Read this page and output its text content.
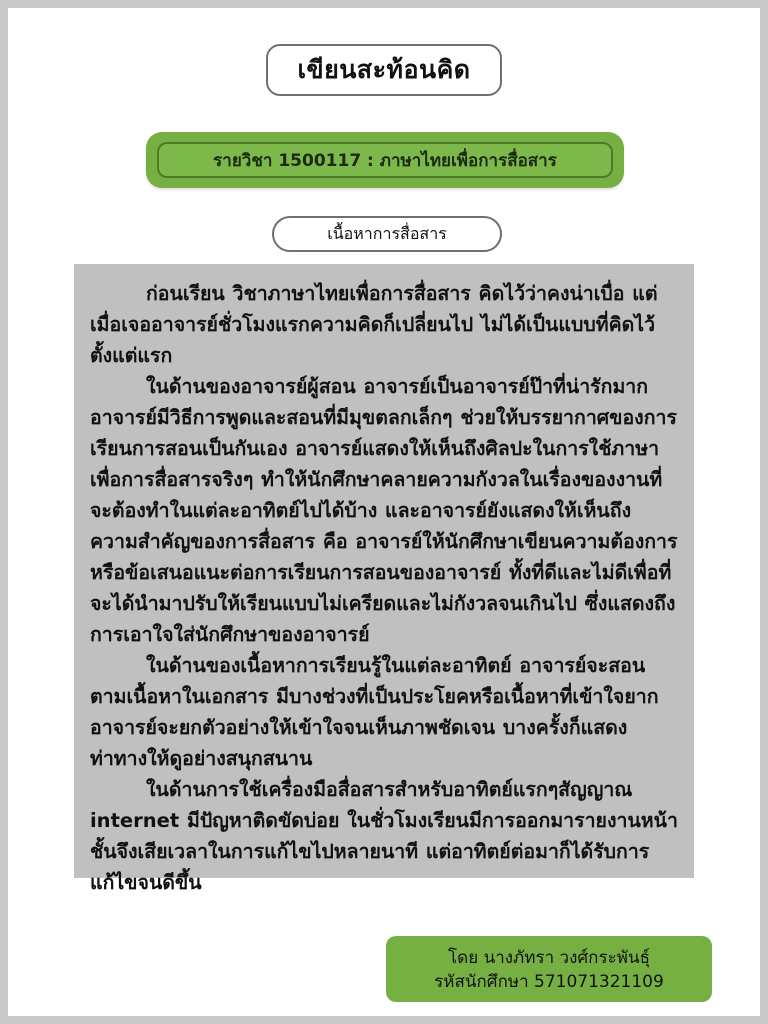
เขียนสะท้อนคิด
รายวิชา 1500117 : ภาษาไทยเพื่อการสื่อสาร
เนื้อหาการสื่อสาร

ก่อนเรียน วิชาภาษาไทยเพื่อการสื่อสาร คิดไว้ว่าคงน่าเบื่อ แต่เมื่อเจออาจารย์ชั่วโมงแรกความคิดก็เปลี่ยนไป ไม่ได้เป็นแบบที่คิดไว้ตั้งแต่แรก

ในด้านของอาจารย์ผู้สอน อาจารย์เป็นอาจารย์ป๊าที่น่ารักมาก อาจารย์มีวิธีการพูดและสอนที่มีมุขตลกเล็กๆ ช่วยให้บรรยากาศของการเรียนการสอนเป็นกันเอง อาจารย์แสดงให้เห็นถึงศิลปะในการใช้ภาษาเพื่อการสื่อสารจริงๆ ทำให้นักศึกษาคลายความกังวลในเรื่องของงานที่จะต้องทำในแต่ละอาทิตย์ไปได้บ้าง และอาจารย์ยังแสดงให้เห็นถึงความสำคัญของการสื่อสาร คือ อาจารย์ให้นักศึกษาเขียนความต้องการ หรือข้อเสนอแนะต่อการเรียนการสอนของอาจารย์ ทั้งที่ดีและไม่ดีเพื่อที่จะได้นำมาปรับให้เรียนแบบไม่เครียดและไม่กังวลจนเกินไป ซึ่งแสดงถึงการเอาใจใส่นักศึกษาของอาจารย์

ในด้านของเนื้อหาการเรียนรู้ในแต่ละอาทิตย์ อาจารย์จะสอนตามเนื้อหาในเอกสาร มีบางช่วงที่เป็นประโยคหรือเนื้อหาที่เข้าใจยาก อาจารย์จะยกตัวอย่างให้เข้าใจจนเห็นภาพชัดเจน บางครั้งก็แสดงท่าทางให้ดูอย่างสนุกสนาน

ในด้านการใช้เครื่องมือสื่อสารสำหรับอาทิตย์แรกๆสัญญาณ internet มีปัญหาติดขัดบ่อย ในชั่วโมงเรียนมีการออกมารายงานหน้าชั้นจึงเสียเวลาในการแก้ไขไปหลายนาที แต่อาทิตย์ต่อมาก็ได้รับการแก้ไขจนดีขึ้น

โดย นางภัทรา วงศ์กระพันธุ์
รหัสนักศึกษา 571071321109
